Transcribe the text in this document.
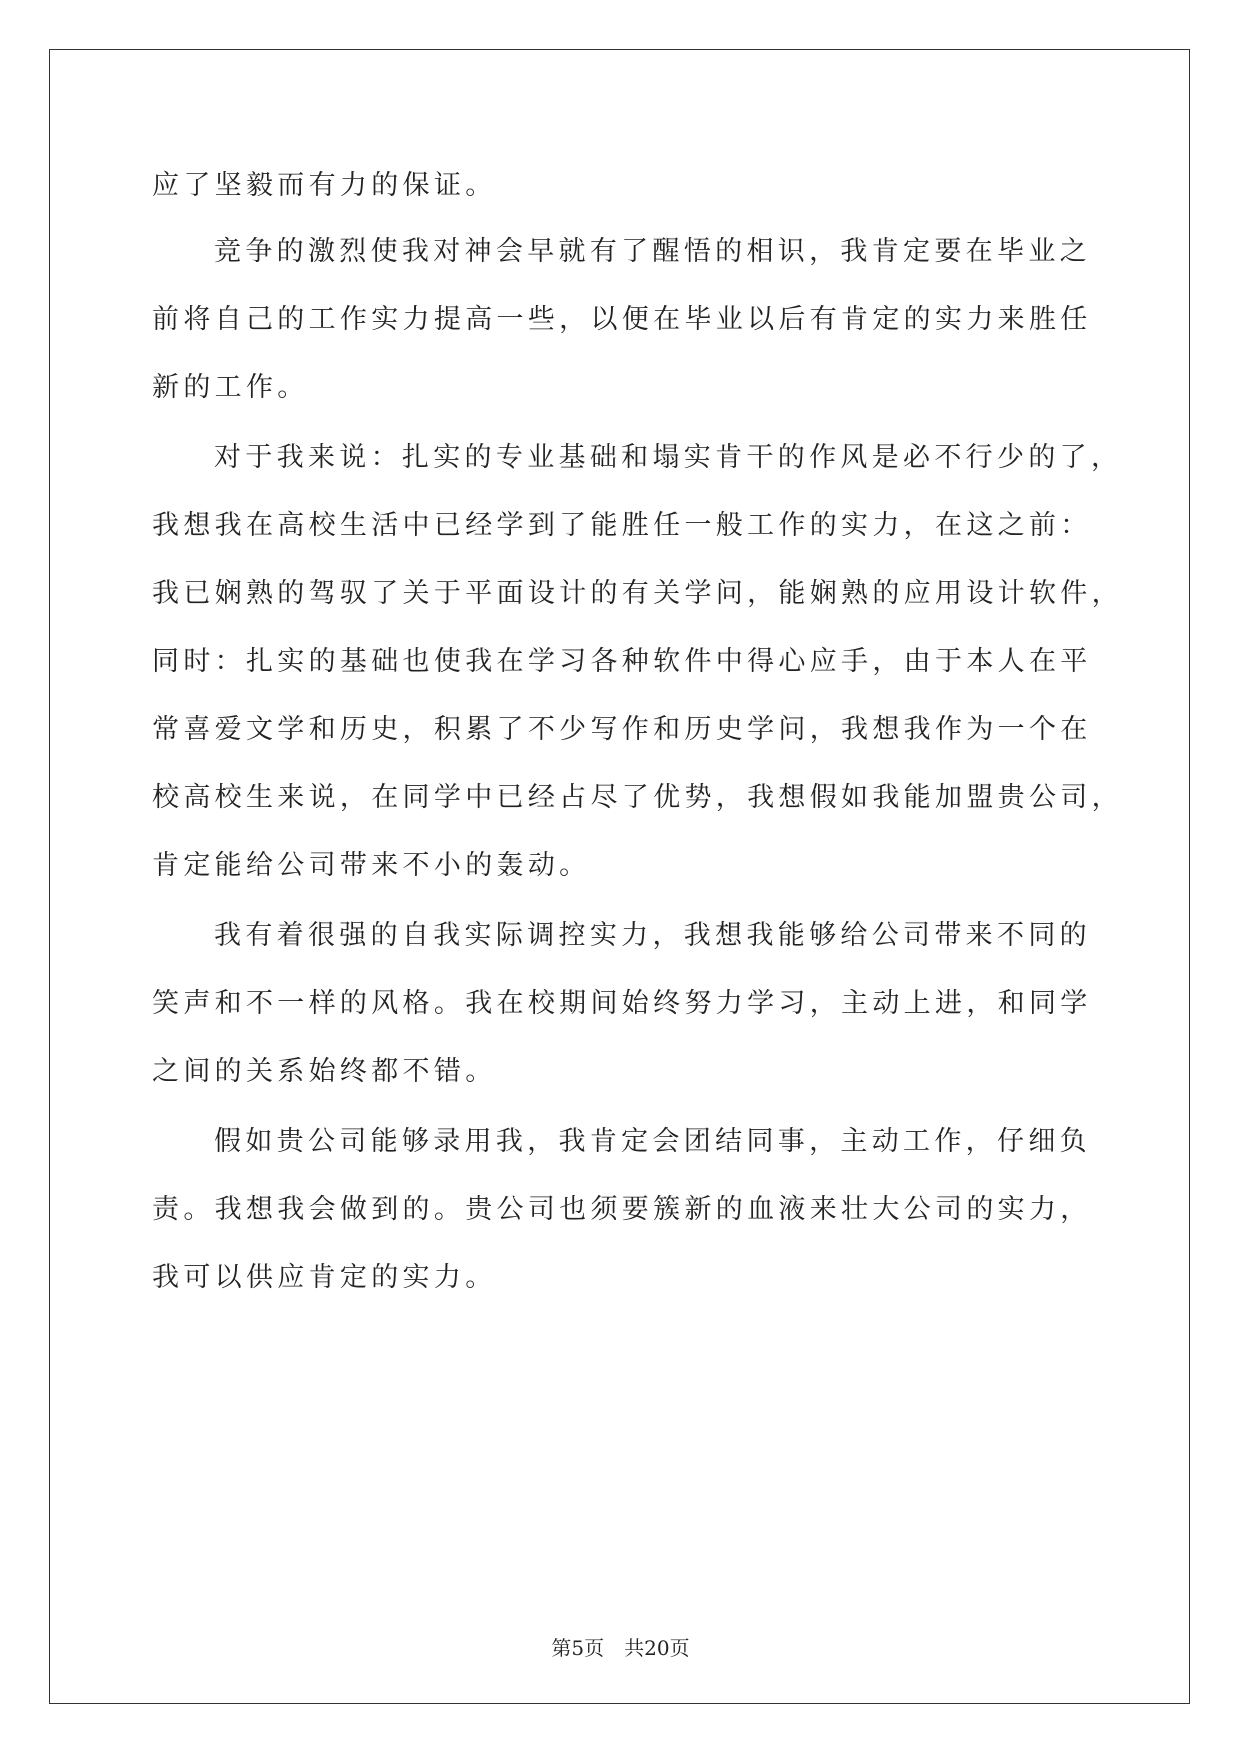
应了坚毅而有力的保证。
竞争的激烈使我对神会早就有了醒悟的相识，我肯定要在毕业之
前将自己的工作实力提高一些，以便在毕业以后有肯定的实力来胜任
新的工作。
对于我来说：扎实的专业基础和塌实肯干的作风是必不行少的了，
我想我在高校生活中已经学到了能胜任一般工作的实力，在这之前：
我已娴熟的驾驭了关于平面设计的有关学问，能娴熟的应用设计软件，
同时：扎实的基础也使我在学习各种软件中得心应手，由于本人在平
常喜爱文学和历史，积累了不少写作和历史学问，我想我作为一个在
校高校生来说，在同学中已经占尽了优势，我想假如我能加盟贵公司，
肯定能给公司带来不小的轰动。
我有着很强的自我实际调控实力，我想我能够给公司带来不同的
笑声和不一样的风格。我在校期间始终努力学习，主动上进，和同学
之间的关系始终都不错。
假如贵公司能够录用我，我肯定会团结同事，主动工作，仔细负
责。我想我会做到的。贵公司也须要簇新的血液来壮大公司的实力，
我可以供应肯定的实力。
第5页　共20页
